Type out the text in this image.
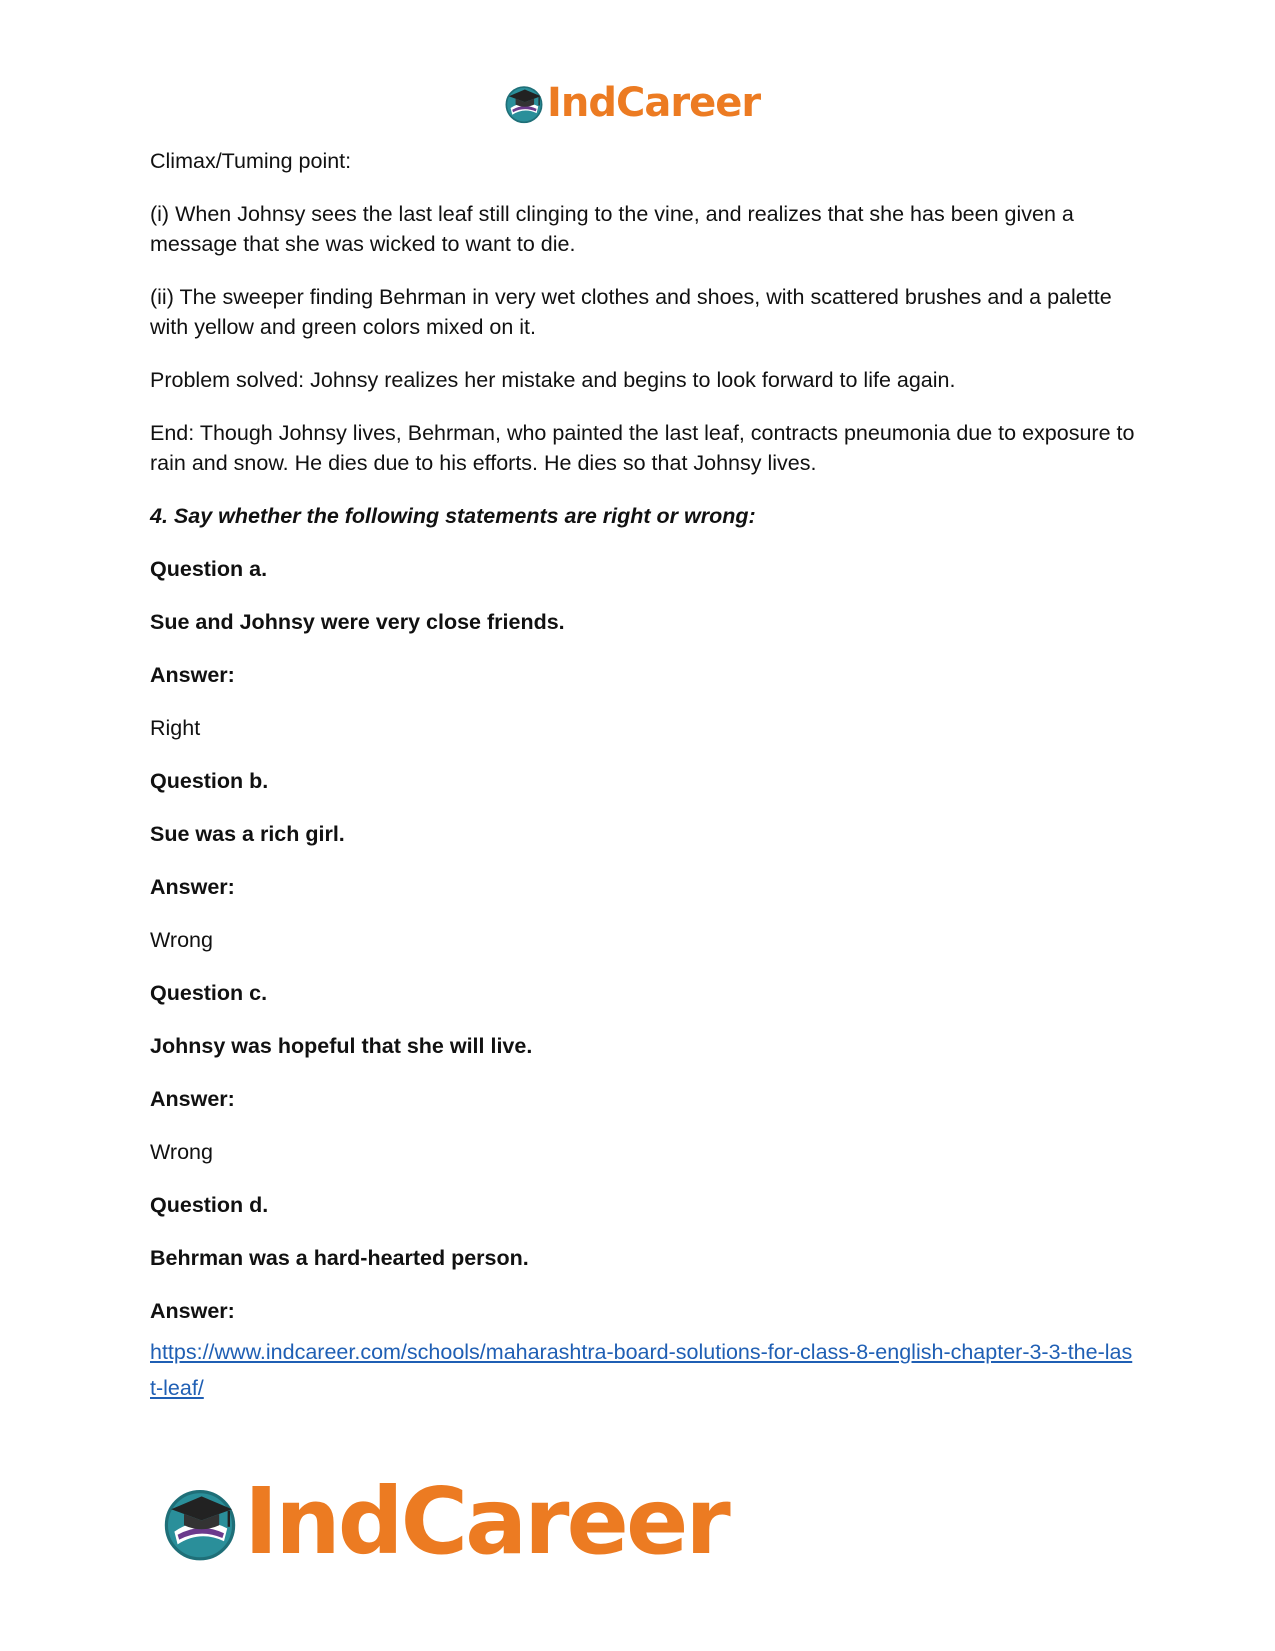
IndCareer

Climax/Tuming point:

(i) When Johnsy sees the last leaf still clinging to the vine, and realizes that she has been given a message that she was wicked to want to die.

(ii) The sweeper finding Behrman in very wet clothes and shoes, with scattered brushes and a palette with yellow and green colors mixed on it.

Problem solved: Johnsy realizes her mistake and begins to look forward to life again.

End: Though Johnsy lives, Behrman, who painted the last leaf, contracts pneumonia due to exposure to rain and snow. He dies due to his efforts. He dies so that Johnsy lives.

4. Say whether the following statements are right or wrong:

Question a.

Sue and Johnsy were very close friends.

Answer:

Right

Question b.

Sue was a rich girl.

Answer:

Wrong

Question c.

Johnsy was hopeful that she will live.

Answer:

Wrong

Question d.

Behrman was a hard-hearted person.

Answer:

https://www.indcareer.com/schools/maharashtra-board-solutions-for-class-8-english-chapter-3-3-the-last-leaf/

IndCareer
